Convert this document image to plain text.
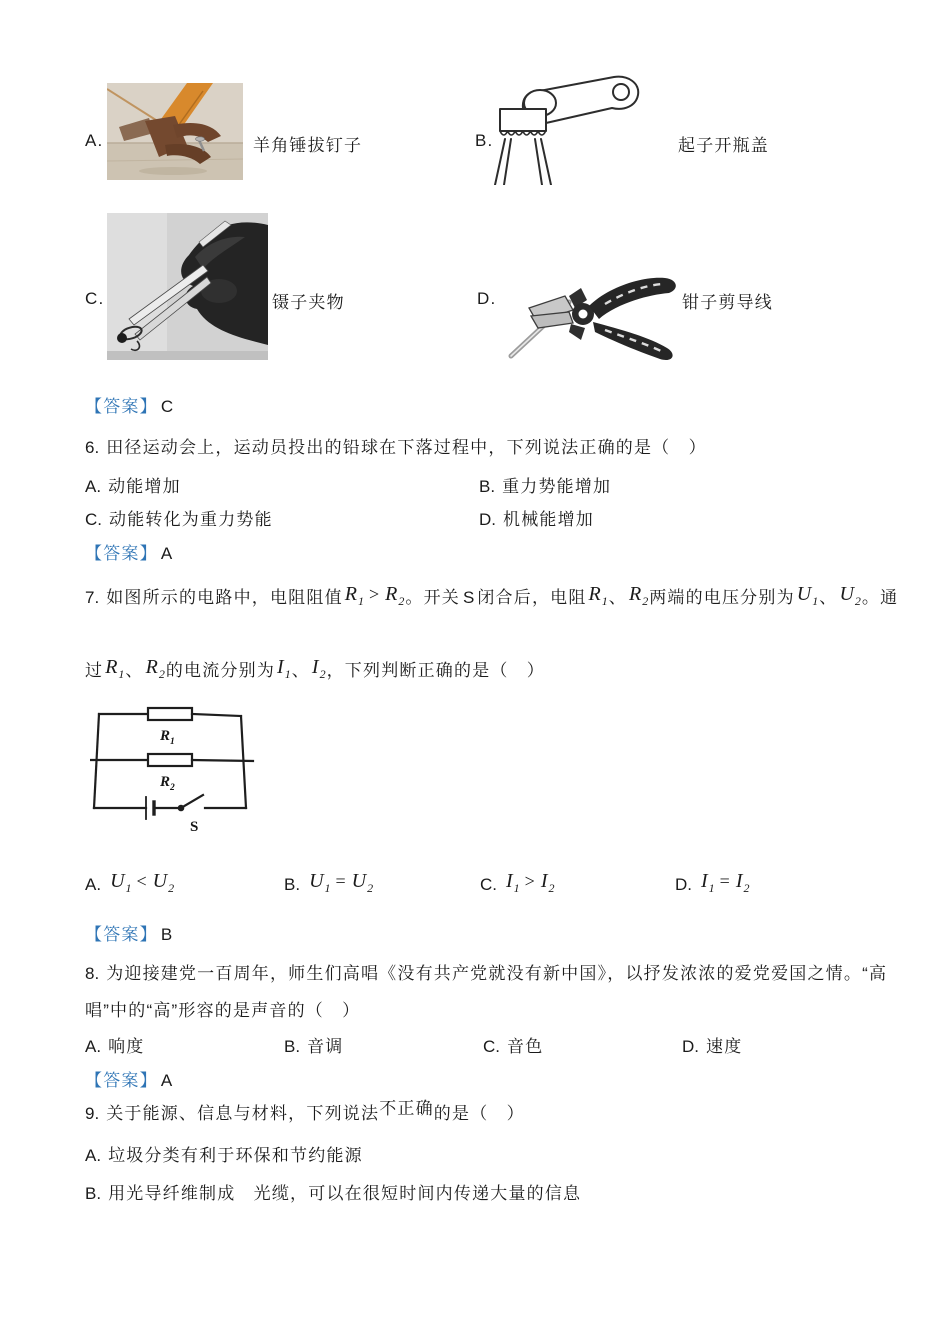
A.	羊角锤拔钉子	B.	起子开瓶盖
C.	镊子夹物	D.	钳子剪导线
【答案】 C
6. 田径运动会上，运动员投出的铅球在下落过程中，下列说法正确的是（　）
A. 动能增加	B. 重力势能增加
C. 动能转化为重力势能	D. 机械能增加
【答案】 A
7. 如图所示的电路中，电阻阻值 $R_1 > R_2$。开关 S 闭合后，电阻 $R_1$、 $R_2$两端的电压分别为 $U_1$、 $U_2$。通
过 $R_1$、 $R_2$的电流分别为 $I_1$、 $I_2$，下列判断正确的是（　）
$R_1$
$R_2$
S
A. $U_1 < U_2$	B. $U_1 = U_2$	C. $I_1 > I_2$	D. $I_1 = I_2$
【答案】 B
8. 为迎接建党一百周年，师生们高唱《没有共产党就没有新中国》，以抒发浓浓的爱党爱国之情。“高
唱”中的“高”形容的是声音的（　）
A. 响度	B. 音调	C. 音色	D. 速度
【答案】 A
9. 关于能源、信息与材料，下列说法不正确的是（　）
A. 垃圾分类有利于环保和节约能源
B. 用光导纤维制成　光缆，可以在很短时间内传递大量的信息
